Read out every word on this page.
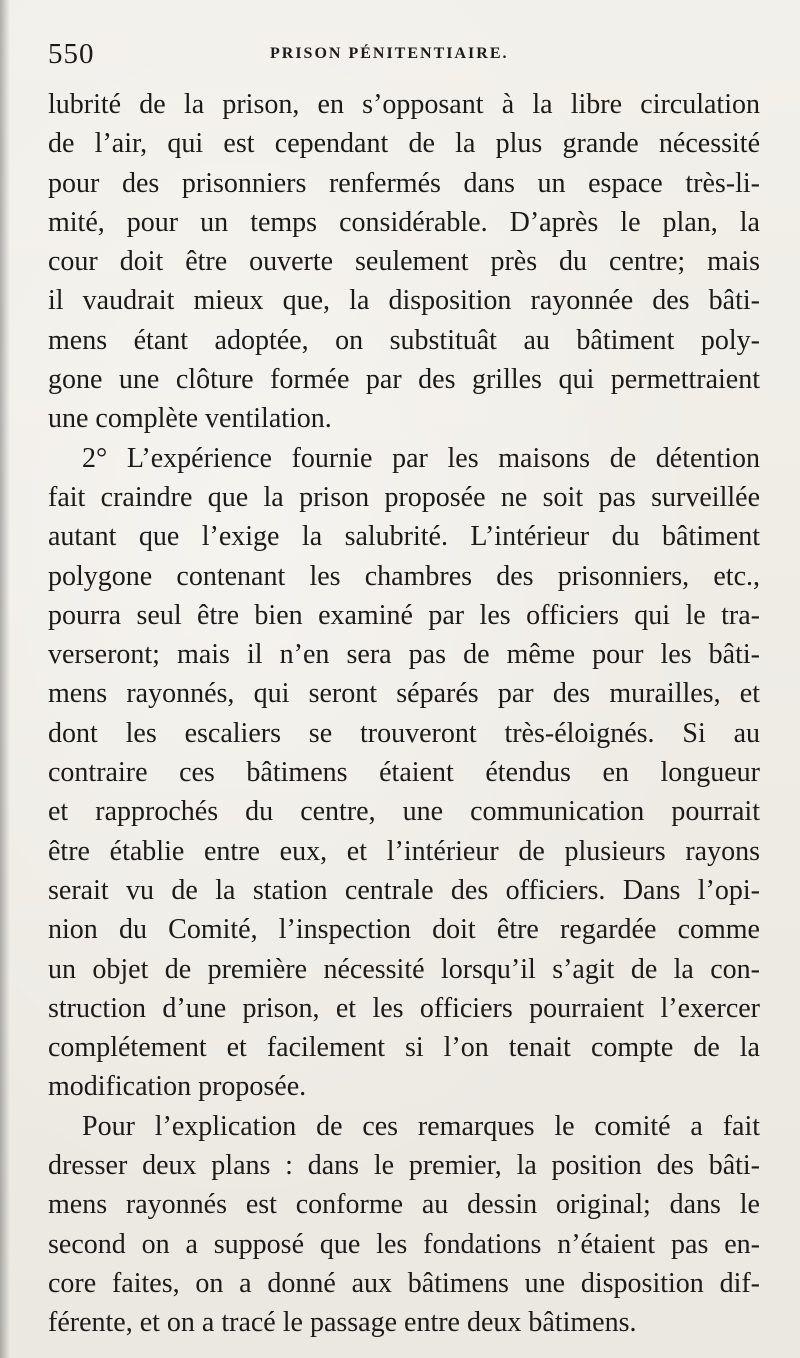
550	PRISON PÉNITENTIAIRE.
lubrité de la prison, en s’opposant à la libre circulation
de l’air, qui est cependant de la plus grande nécessité
pour des prisonniers renfermés dans un espace très-li-
mité, pour un temps considérable. D’après le plan, la
cour doit être ouverte seulement près du centre; mais
il vaudrait mieux que, la disposition rayonnée des bâti-
mens étant adoptée, on substituât au bâtiment poly-
gone une clôture formée par des grilles qui permettraient
une complète ventilation.
2° L’expérience fournie par les maisons de détention
fait craindre que la prison proposée ne soit pas surveillée
autant que l’exige la salubrité. L’intérieur du bâtiment
polygone contenant les chambres des prisonniers, etc.,
pourra seul être bien examiné par les officiers qui le tra-
verseront; mais il n’en sera pas de même pour les bâti-
mens rayonnés, qui seront séparés par des murailles, et
dont les escaliers se trouveront très-éloignés. Si au
contraire ces bâtimens étaient étendus en longueur
et rapprochés du centre, une communication pourrait
être établie entre eux, et l’intérieur de plusieurs rayons
serait vu de la station centrale des officiers. Dans l’opi-
nion du Comité, l’inspection doit être regardée comme
un objet de première nécessité lorsqu’il s’agit de la con-
struction d’une prison, et les officiers pourraient l’exercer
complétement et facilement si l’on tenait compte de la
modification proposée.
Pour l’explication de ces remarques le comité a fait
dresser deux plans : dans le premier, la position des bâti-
mens rayonnés est conforme au dessin original; dans le
second on a supposé que les fondations n’étaient pas en-
core faites, on a donné aux bâtimens une disposition dif-
férente, et on a tracé le passage entre deux bâtimens.
